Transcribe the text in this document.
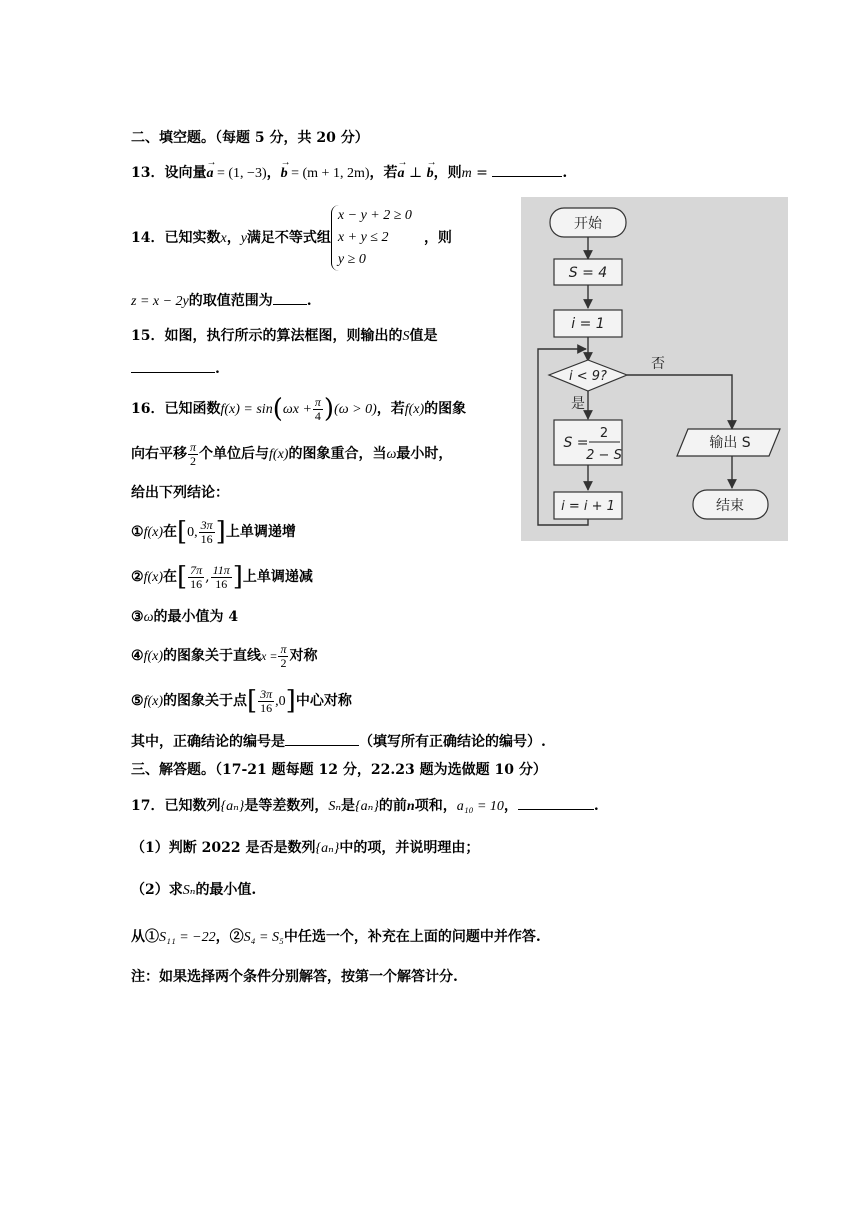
二、填空题。（每题 5 分，共 20 分）
13．设向量→ a = (1, −3)，→ b = (m + 1, 2m)，若→ a ⊥ → b，则m =	.
14．已知实数x，y满足不等式组
x − y + 2 ≥ 0
x + y ≤ 2
y ≥ 0
，则
z = x − 2y的取值范围为 .
15．如图，执行所示的算法框图，则输出的S值是
.
16．已知函数$f(x) = \sin(\omega x + \frac{\pi}{4} )(\omega > 0)$，若f(x)的图象
向右平移 $\frac{\pi}{2}$ 个单位后与f(x)的图象重合，当ω最小时，
给出下列结论：
①f(x)在[0, $\frac{3\pi}{16}$ ]上单调递增
②f(x)在[ $\frac{7\pi}{16}$ , $\frac{11\pi}{16}$ ]上单调递减
③ω的最小值为 4
④f(x)的图象关于直线$x = \frac{\pi}{2}$ 对称
⑤f(x)的图象关于点[ $\frac{3\pi}{16} ,0$]中心对称
其中，正确结论的编号是	（填写所有正确结论的编号）.
三、解答题。（17-21 题每题 12 分，22.23 题为选做题 10 分）
17．已知数列{aₙ}是等差数列，Sₙ是{aₙ}的前n项和，a₁₀ = 10，	.
（1）判断 2022 是否是数列{aₙ}中的项，并说明理由；
（2）求Sₙ的最小值.
从①S₁₁ = −22，②S₄ = S₅中任选一个，补充在上面的问题中并作答.
注：如果选择两个条件分别解答，按第一个解答计分.
开始
S = 4
i = 1
i < 9?
否
是
S =
2
2 − S
输出 S
i = i + 1	结束
